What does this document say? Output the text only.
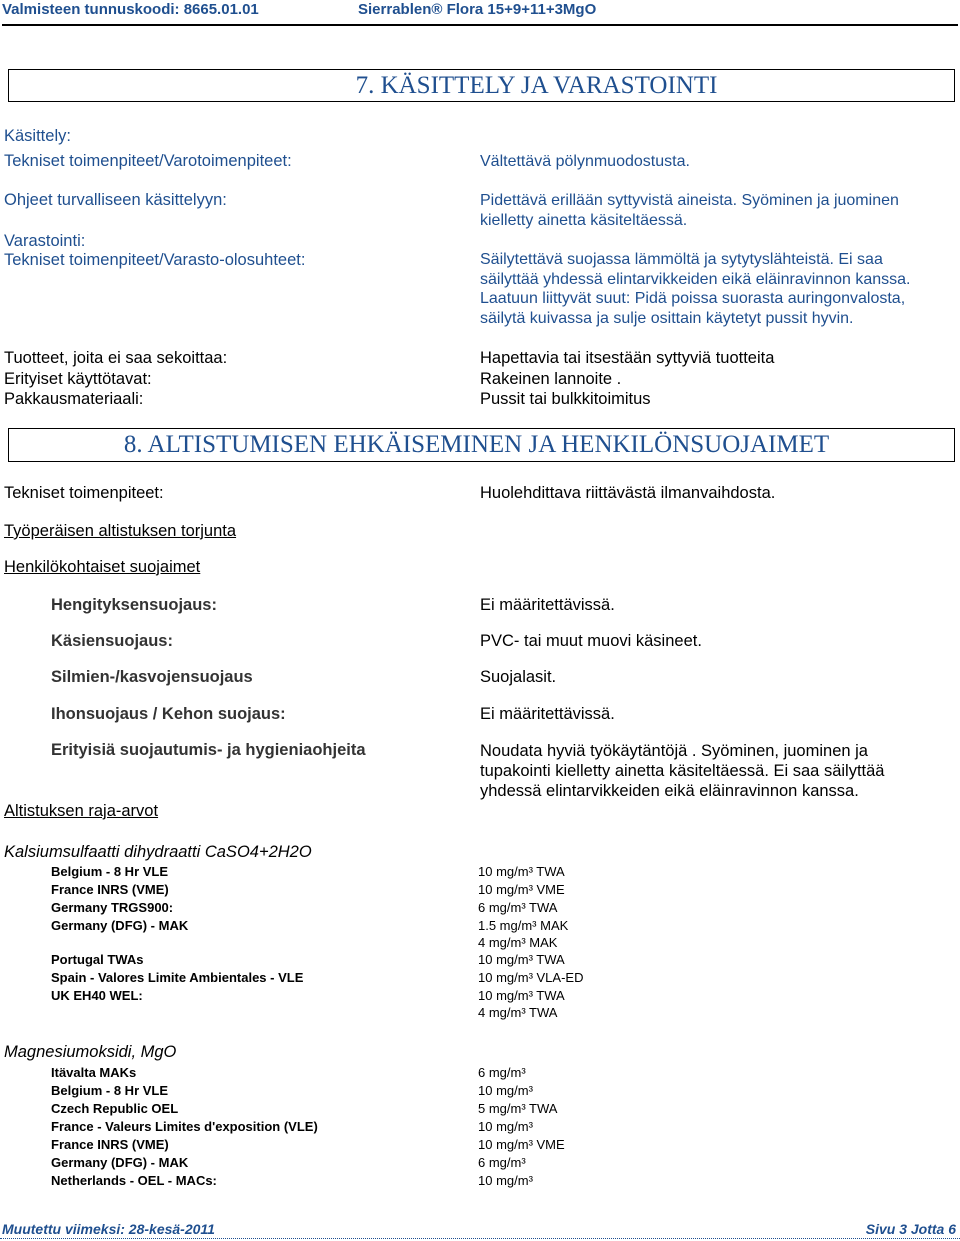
Valmisteen tunnuskoodi: 8665.01.01	Sierrablen® Flora 15+9+11+3MgO
7. KÄSITTELY JA VARASTOINTI
Käsittely:
Tekniset toimenpiteet/Varotoimenpiteet:	Vältettävä pölynmuodostusta.
Ohjeet turvalliseen käsittelyyn:	Pidettävä erillään syttyvistä aineista. Syöminen ja juominen
kielletty ainetta käsiteltäessä.
Varastointi:
Tekniset toimenpiteet/Varasto-olosuhteet:	Säilytettävä suojassa lämmöltä ja sytytyslähteistä. Ei saa
säilyttää yhdessä elintarvikkeiden eikä eläinravinnon kanssa.
Laatuun liittyvät suut: Pidä poissa suorasta auringonvalosta,
säilytä kuivassa ja sulje osittain käytetyt pussit hyvin.
Tuotteet, joita ei saa sekoittaa:	Hapettavia tai itsestään syttyviä tuotteita
Erityiset käyttötavat:	Rakeinen lannoite .
Pakkausmateriaali:	Pussit tai bulkkitoimitus
8. ALTISTUMISEN EHKÄISEMINEN JA HENKILÖNSUOJAIMET
Tekniset toimenpiteet:	Huolehdittava riittävästä ilmanvaihdosta.
Työperäisen altistuksen torjunta
Henkilökohtaiset suojaimet
Hengityksensuojaus:	Ei määritettävissä.
Käsiensuojaus:	PVC- tai muut muovi käsineet.
Silmien-/kasvojensuojaus	Suojalasit.
Ihonsuojaus / Kehon suojaus:	Ei määritettävissä.
Erityisiä suojautumis- ja hygieniaohjeita	Noudata hyviä työkäytäntöjä . Syöminen, juominen ja
tupakointi kielletty ainetta käsiteltäessä. Ei saa säilyttää
yhdessä elintarvikkeiden eikä eläinravinnon kanssa.
Altistuksen raja-arvot
Kalsiumsulfaatti dihydraatti CaSO4+2H2O
Belgium - 8 Hr VLE	10 mg/m³ TWA
France INRS (VME)	10 mg/m³ VME
Germany TRGS900:	6 mg/m³ TWA
Germany (DFG) - MAK	1.5 mg/m³ MAK
4 mg/m³ MAK
Portugal TWAs	10 mg/m³ TWA
Spain - Valores Limite Ambientales - VLE	10 mg/m³ VLA-ED
UK EH40 WEL:	10 mg/m³ TWA
4 mg/m³ TWA
Magnesiumoksidi, MgO
Itävalta MAKs	6 mg/m³
Belgium - 8 Hr VLE	10 mg/m³
Czech Republic OEL	5 mg/m³ TWA
France - Valeurs Limites d'exposition (VLE)	10 mg/m³
France INRS (VME)	10 mg/m³ VME
Germany (DFG) - MAK	6 mg/m³
Netherlands - OEL - MACs:	10 mg/m³
Muutettu viimeksi: 28-kesä-2011	Sivu 3 Jotta 6
